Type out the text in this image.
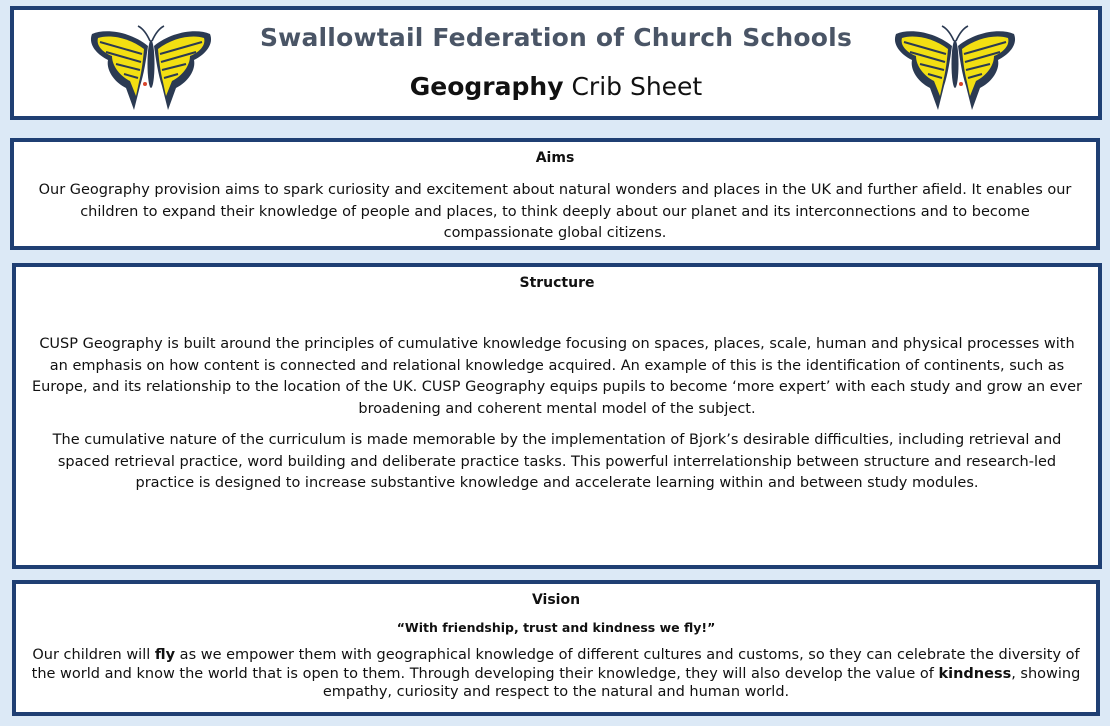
Swallowtail Federation of Church Schools
Geography Crib Sheet
Aims
Our Geography provision aims to spark curiosity and excitement about natural wonders and places in the UK and further afield. It enables our children to expand their knowledge of people and places, to think deeply about our planet and its interconnections and to become compassionate global citizens.
Structure
CUSP Geography is built around the principles of cumulative knowledge focusing on spaces, places, scale, human and physical processes with an emphasis on how content is connected and relational knowledge acquired. An example of this is the identification of continents, such as Europe, and its relationship to the location of the UK. CUSP Geography equips pupils to become ‘more expert’ with each study and grow an ever broadening and coherent mental model of the subject.
The cumulative nature of the curriculum is made memorable by the implementation of Bjork’s desirable difficulties, including retrieval and spaced retrieval practice, word building and deliberate practice tasks. This powerful interrelationship between structure and research-led practice is designed to increase substantive knowledge and accelerate learning within and between study modules.
Vision
“With friendship, trust and kindness we fly!”
Our children will fly as we empower them with geographical knowledge of different cultures and customs, so they can celebrate the diversity of the world and know the world that is open to them. Through developing their knowledge, they will also develop the value of kindness, showing empathy, curiosity and respect to the natural and human world.
